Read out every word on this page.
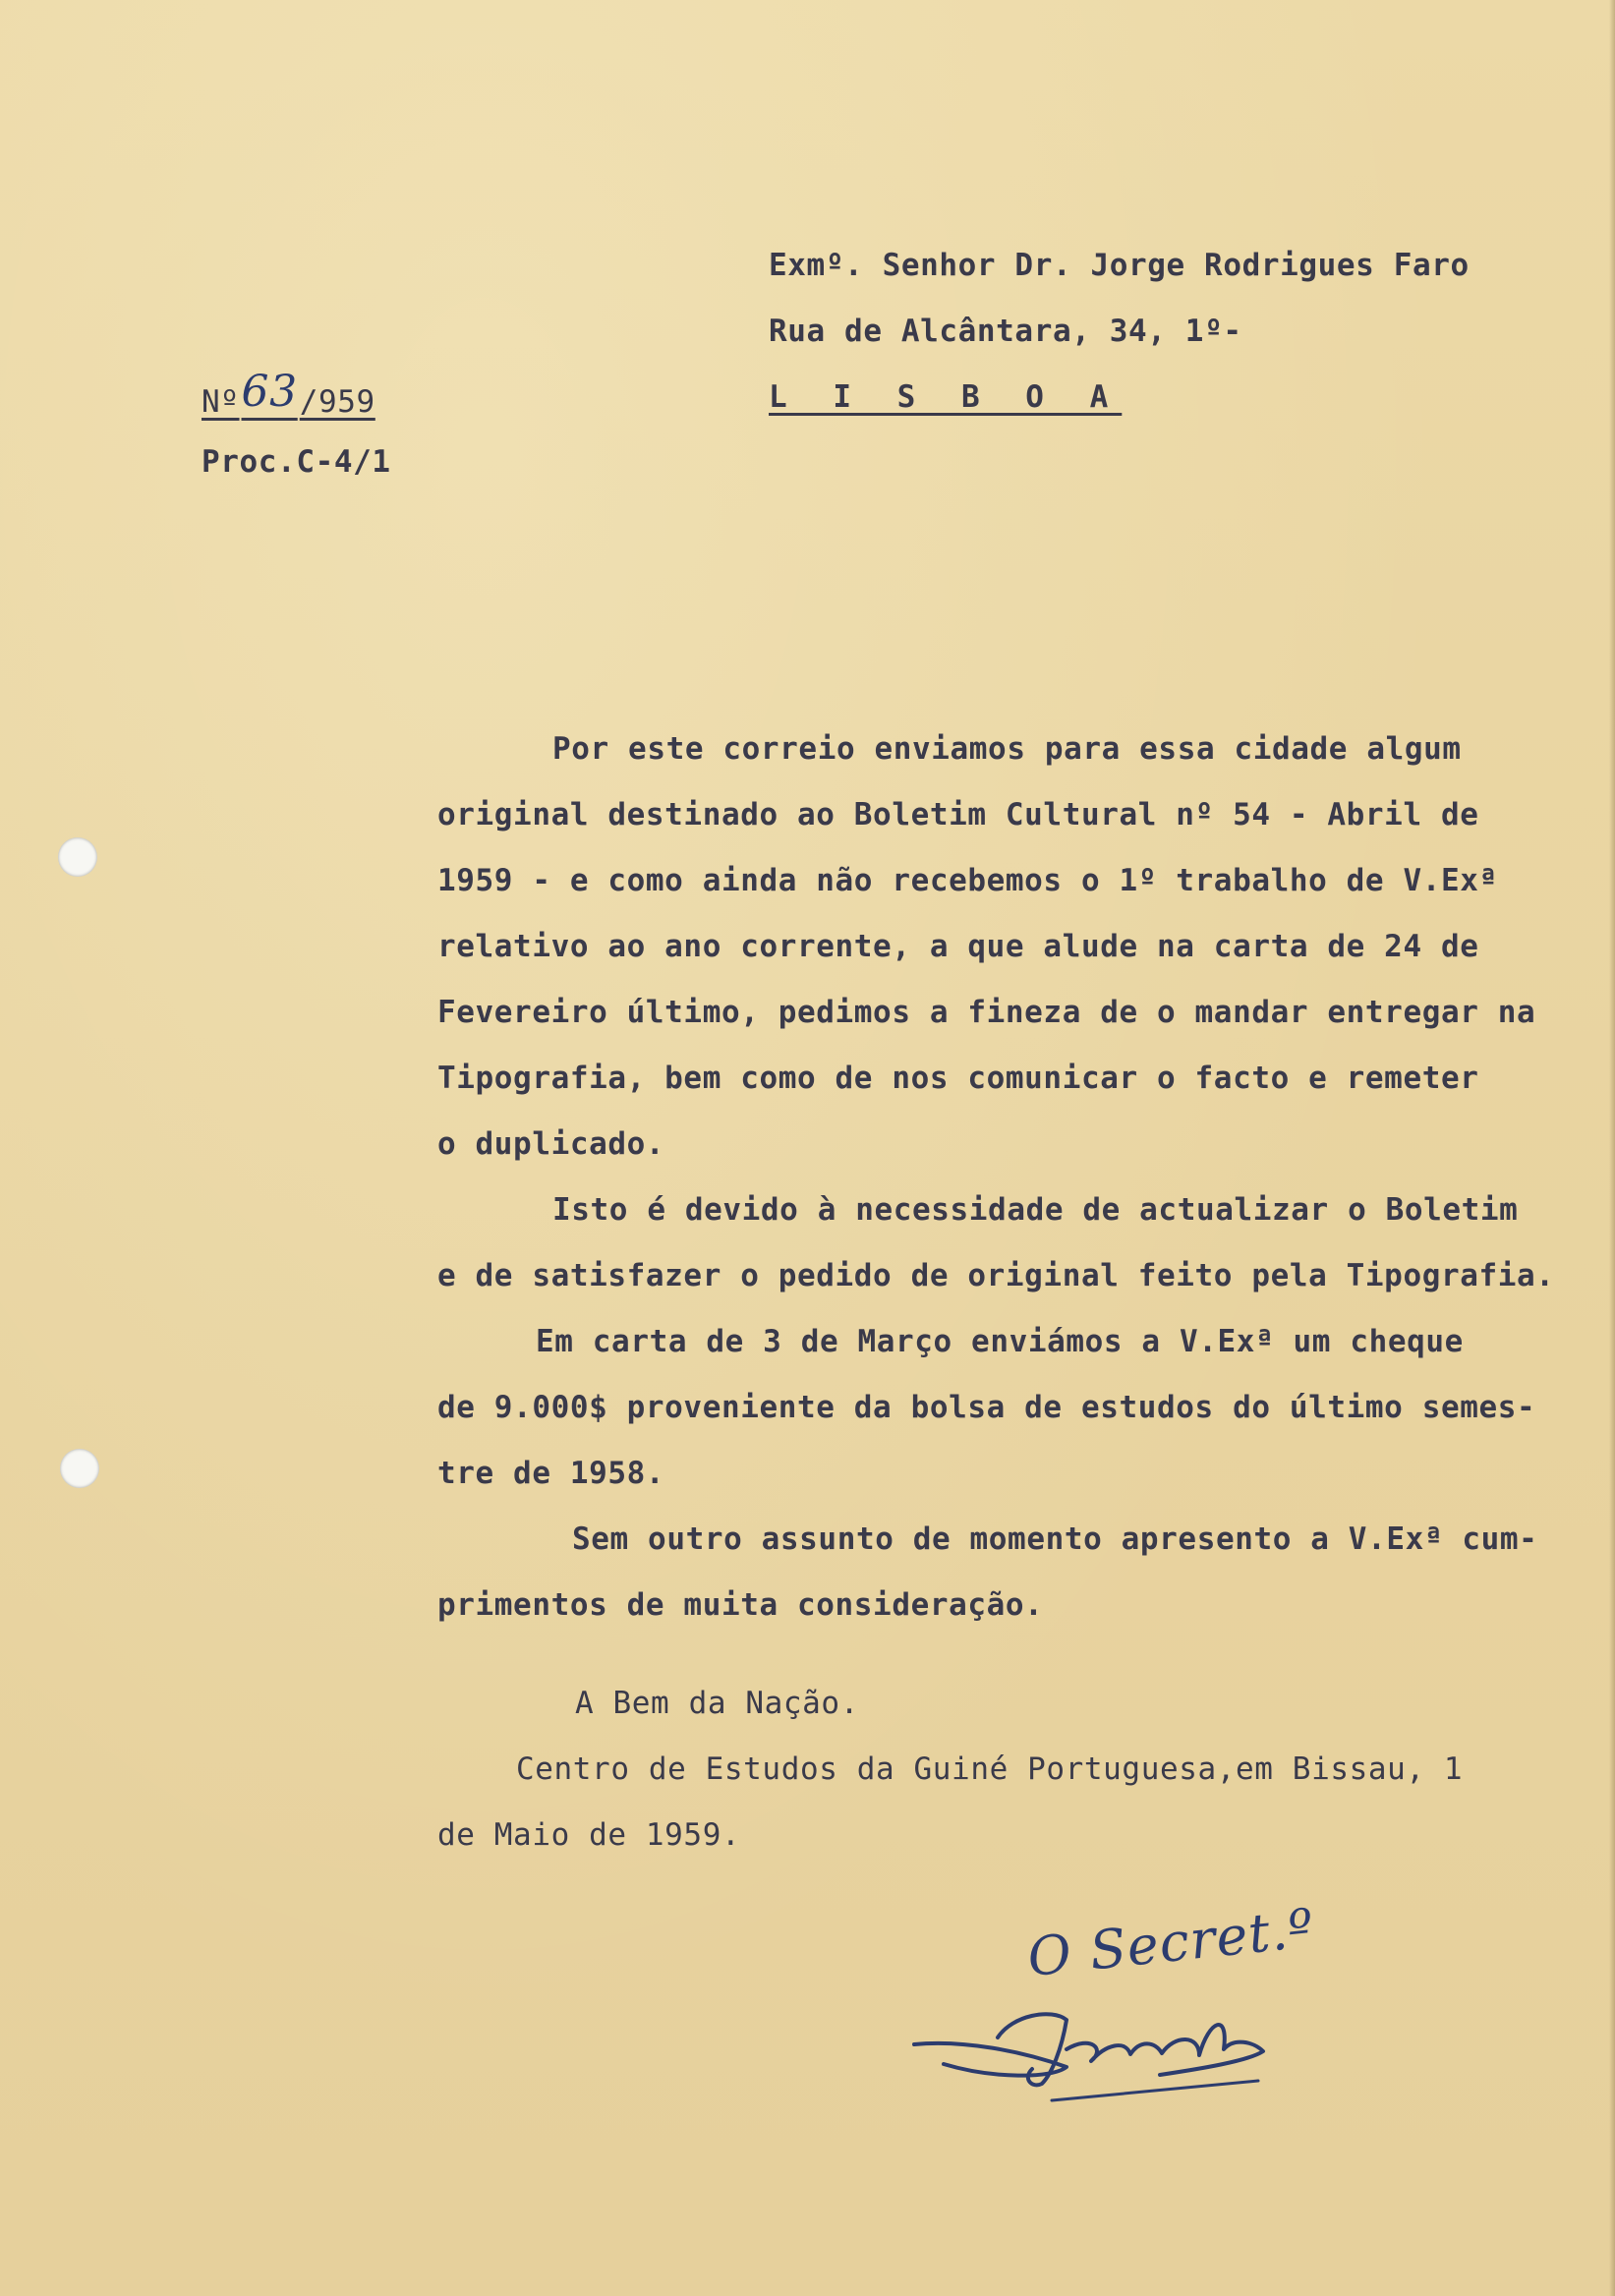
Exmº. Senhor Dr. Jorge Rodrigues Faro
Rua de Alcântara, 34, 1º-
L I S B O A
Nº63/959
Proc.C-4/1
Por este correio enviamos para essa cidade algum
original destinado ao Boletim Cultural nº 54 - Abril de
1959 - e como ainda não recebemos o 1º trabalho de V.Exª
relativo ao ano corrente, a que alude na carta de 24 de
Fevereiro último, pedimos a fineza de o mandar entregar na
Tipografia, bem como de nos comunicar o facto e remeter
o duplicado.
Isto é devido à necessidade de actualizar o Boletim
e de satisfazer o pedido de original feito pela Tipografia.
Em carta de 3 de Março enviámos a V.Exª um cheque
de 9.000$ proveniente da bolsa de estudos do último semes-
tre de 1958.
Sem outro assunto de momento apresento a V.Exª cum-
primentos de muita consideração.
A Bem da Nação.
Centro de Estudos da Guiné Portuguesa,em Bissau, 1
de Maio de 1959.
O Secret.º
